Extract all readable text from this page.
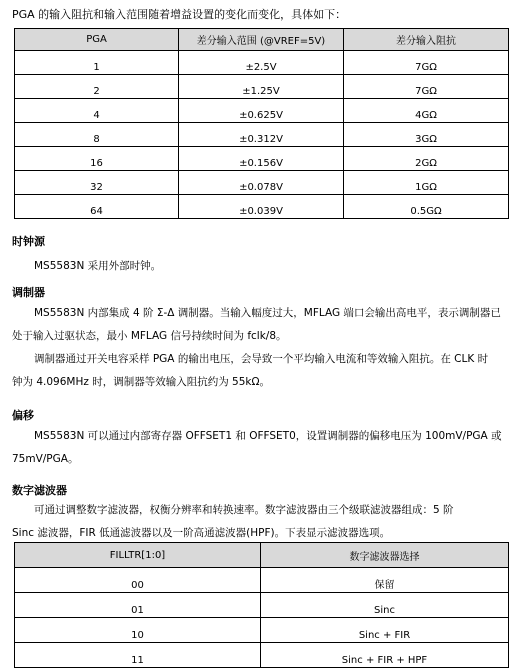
PGA 的输入阻抗和输入范围随着增益设置的变化而变化，具体如下：
PGA	差分输入范围 (@VREF=5V)	差分输入阻抗
1	±2.5V	7GΩ
2	±1.25V	7GΩ
4	±0.625V	4GΩ
8	±0.312V	3GΩ
16	±0.156V	2GΩ
32	±0.078V	1GΩ
64	±0.039V	0.5GΩ
时钟源
MS5583N 采用外部时钟。
调制器
MS5583N 内部集成 4 阶 Σ-Δ 调制器。当输入幅度过大，MFLAG 端口会输出高电平，表示调制器已
处于输入过驱状态，最小 MFLAG 信号持续时间为 fclk/8。
调制器通过开关电容采样 PGA 的输出电压，会导致一个平均输入电流和等效输入阻抗。在 CLK 时
钟为 4.096MHz 时，调制器等效输入阻抗约为 55kΩ。
偏移
MS5583N 可以通过内部寄存器 OFFSET1 和 OFFSET0，设置调制器的偏移电压为 100mV/PGA 或
75mV/PGA。
数字滤波器
可通过调整数字滤波器，权衡分辨率和转换速率。数字滤波器由三个级联滤波器组成：5 阶
Sinc 滤波器，FIR 低通滤波器以及一阶高通滤波器(HPF)。下表显示滤波器选项。
FILLTR[1:0]	数字滤波器选择
00	保留
01	Sinc
10	Sinc + FIR
11	Sinc + FIR + HPF
